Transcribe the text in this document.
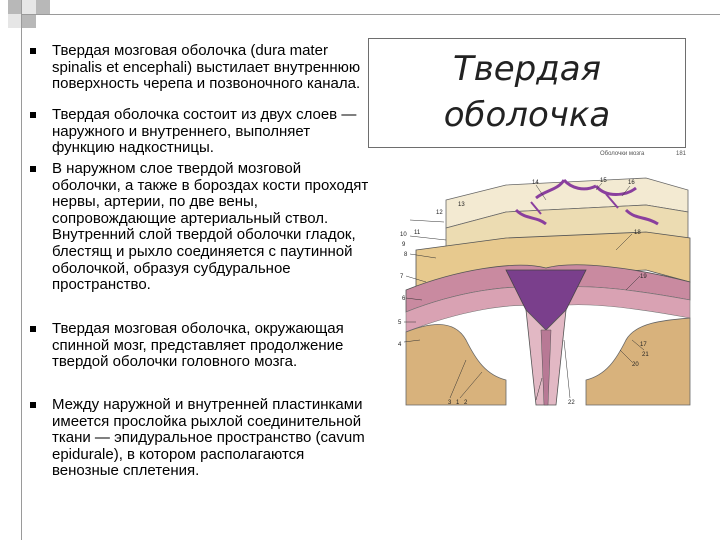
Твердая мозговая оболочка (dura mater spinalis et encephali) выстилает внутреннюю поверхность черепа и позвоночного канала.
Твердая оболочка состоит из двух слоев — наружного и внутреннего, выполняет функцию надкостницы.
В наружном слое твердой мозговой оболочки, а также в бороздах кости проходят нервы, артерии, по две вены, сопровождающие артериальный ствол. Внутренний слой твердой оболочки гладок, блестящ и рыхло соединяется с паутинной оболочкой, образуя субдуральное пространство.
Твердая мозговая оболочка, окружающая спинной мозг, представляет продолжение твердой оболочки головного мозга.
Между наружной и внутренней пластинками имеется прослойка рыхлой соединительной ткани — эпидуральное пространство (cavum epidurale), в котором располагаются венозные сплетения.
Твердая
оболочка
Оболочки мозга	181
1 2
3
4
5
6
7
8
9
10 11
12
13
14	15	16
17
18
19
20
21
22
